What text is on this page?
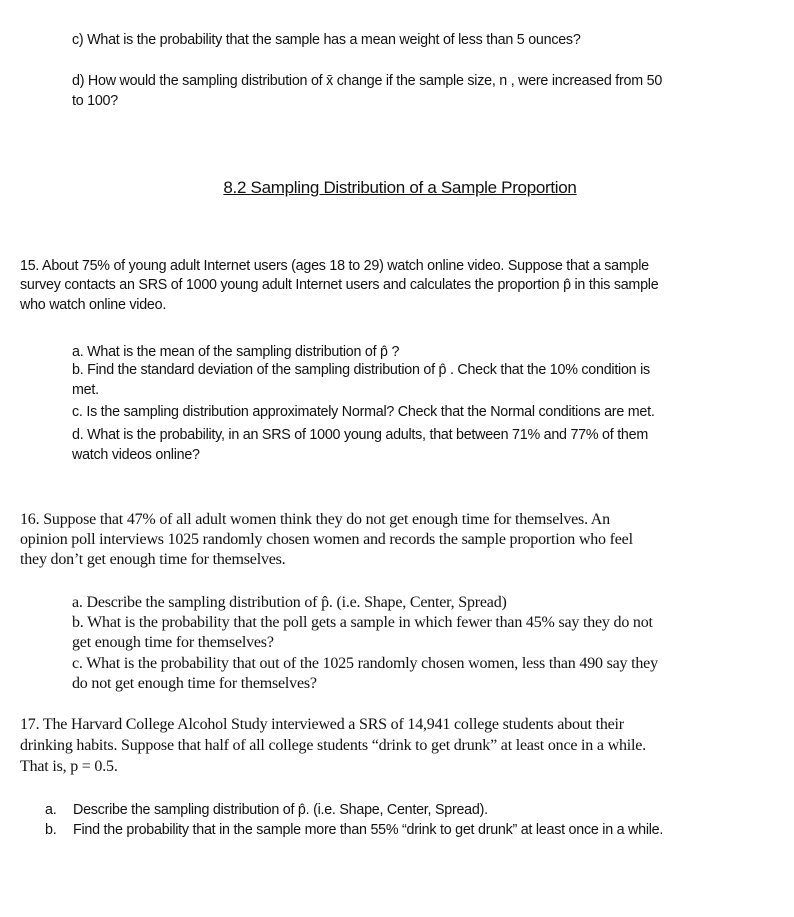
c) What is the probability that the sample has a mean weight of less than 5 ounces?
d) How would the sampling distribution of x̄ change if the sample size, n , were increased from 50
to 100?
8.2 Sampling Distribution of a Sample Proportion
15. About 75% of young adult Internet users (ages 18 to 29) watch online video. Suppose that a sample
survey contacts an SRS of 1000 young adult Internet users and calculates the proportion p̂ in this sample
who watch online video.
a. What is the mean of the sampling distribution of p̂ ?
b. Find the standard deviation of the sampling distribution of p̂ . Check that the 10% condition is
met.
c. Is the sampling distribution approximately Normal? Check that the Normal conditions are met.
d. What is the probability, in an SRS of 1000 young adults, that between 71% and 77% of them
watch videos online?
16. Suppose that 47% of all adult women think they do not get enough time for themselves. An
opinion poll interviews 1025 randomly chosen women and records the sample proportion who feel
they don’t get enough time for themselves.
a. Describe the sampling distribution of p̂. (i.e. Shape, Center, Spread)
b. What is the probability that the poll gets a sample in which fewer than 45% say they do not
get enough time for themselves?
c. What is the probability that out of the 1025 randomly chosen women, less than 490 say they
do not get enough time for themselves?
17. The Harvard College Alcohol Study interviewed a SRS of 14,941 college students about their
drinking habits. Suppose that half of all college students “drink to get drunk” at least once in a while.
That is, p = 0.5.
a. Describe the sampling distribution of p̂. (i.e. Shape, Center, Spread).
b. Find the probability that in the sample more than 55% “drink to get drunk” at least once in a while.
